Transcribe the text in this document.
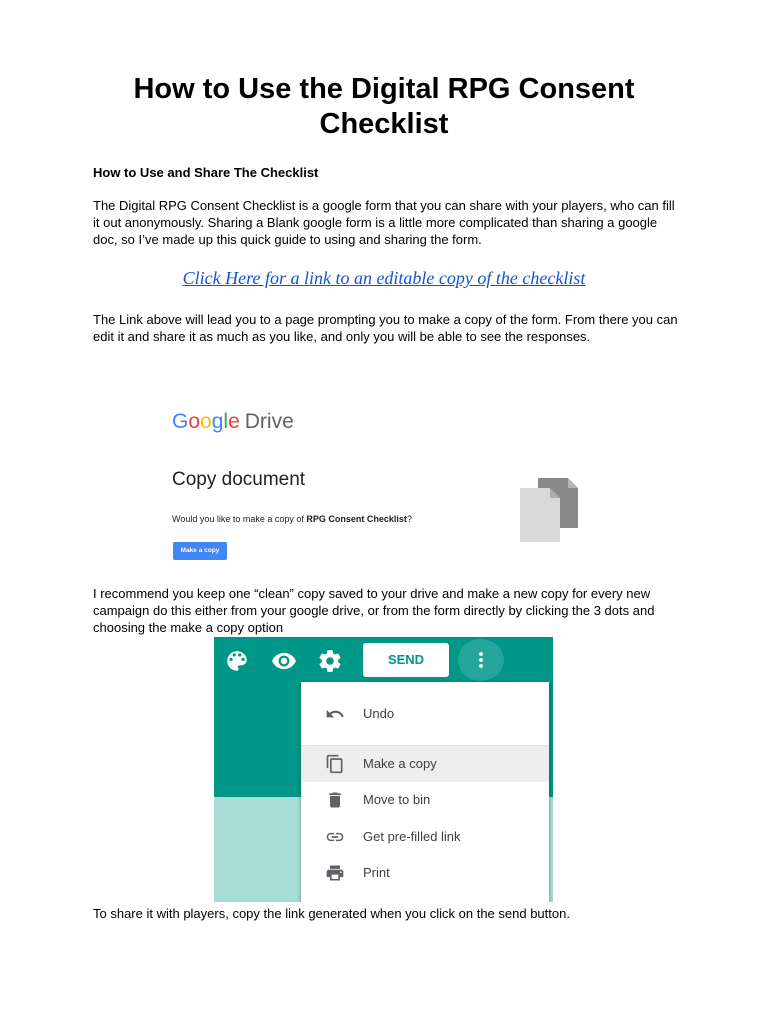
How to Use the Digital RPG Consent Checklist
How to Use and Share The Checklist
The Digital RPG Consent Checklist is a google form that you can share with your players, who can fill it out anonymously. Sharing a Blank google form is a little more complicated than sharing a google doc, so I’ve made up this quick guide to using and sharing the form.
Click Here for a link to an editable copy of the checklist
The Link above will lead you to a page prompting you to make a copy of the form. From there you can edit it and share it as much as you like, and only you will be able to see the responses.
Google Drive
Copy document
Would you like to make a copy of RPG Consent Checklist?
Make a copy
I recommend you keep one “clean” copy saved to your drive and make a new copy for every new campaign do this either from your google drive, or from the form directly by clicking the 3 dots and choosing the make a copy option
SEND
Undo
Make a copy
Move to bin
Get pre-filled link
Print
To share it with players, copy the link generated when you click on the send button.
